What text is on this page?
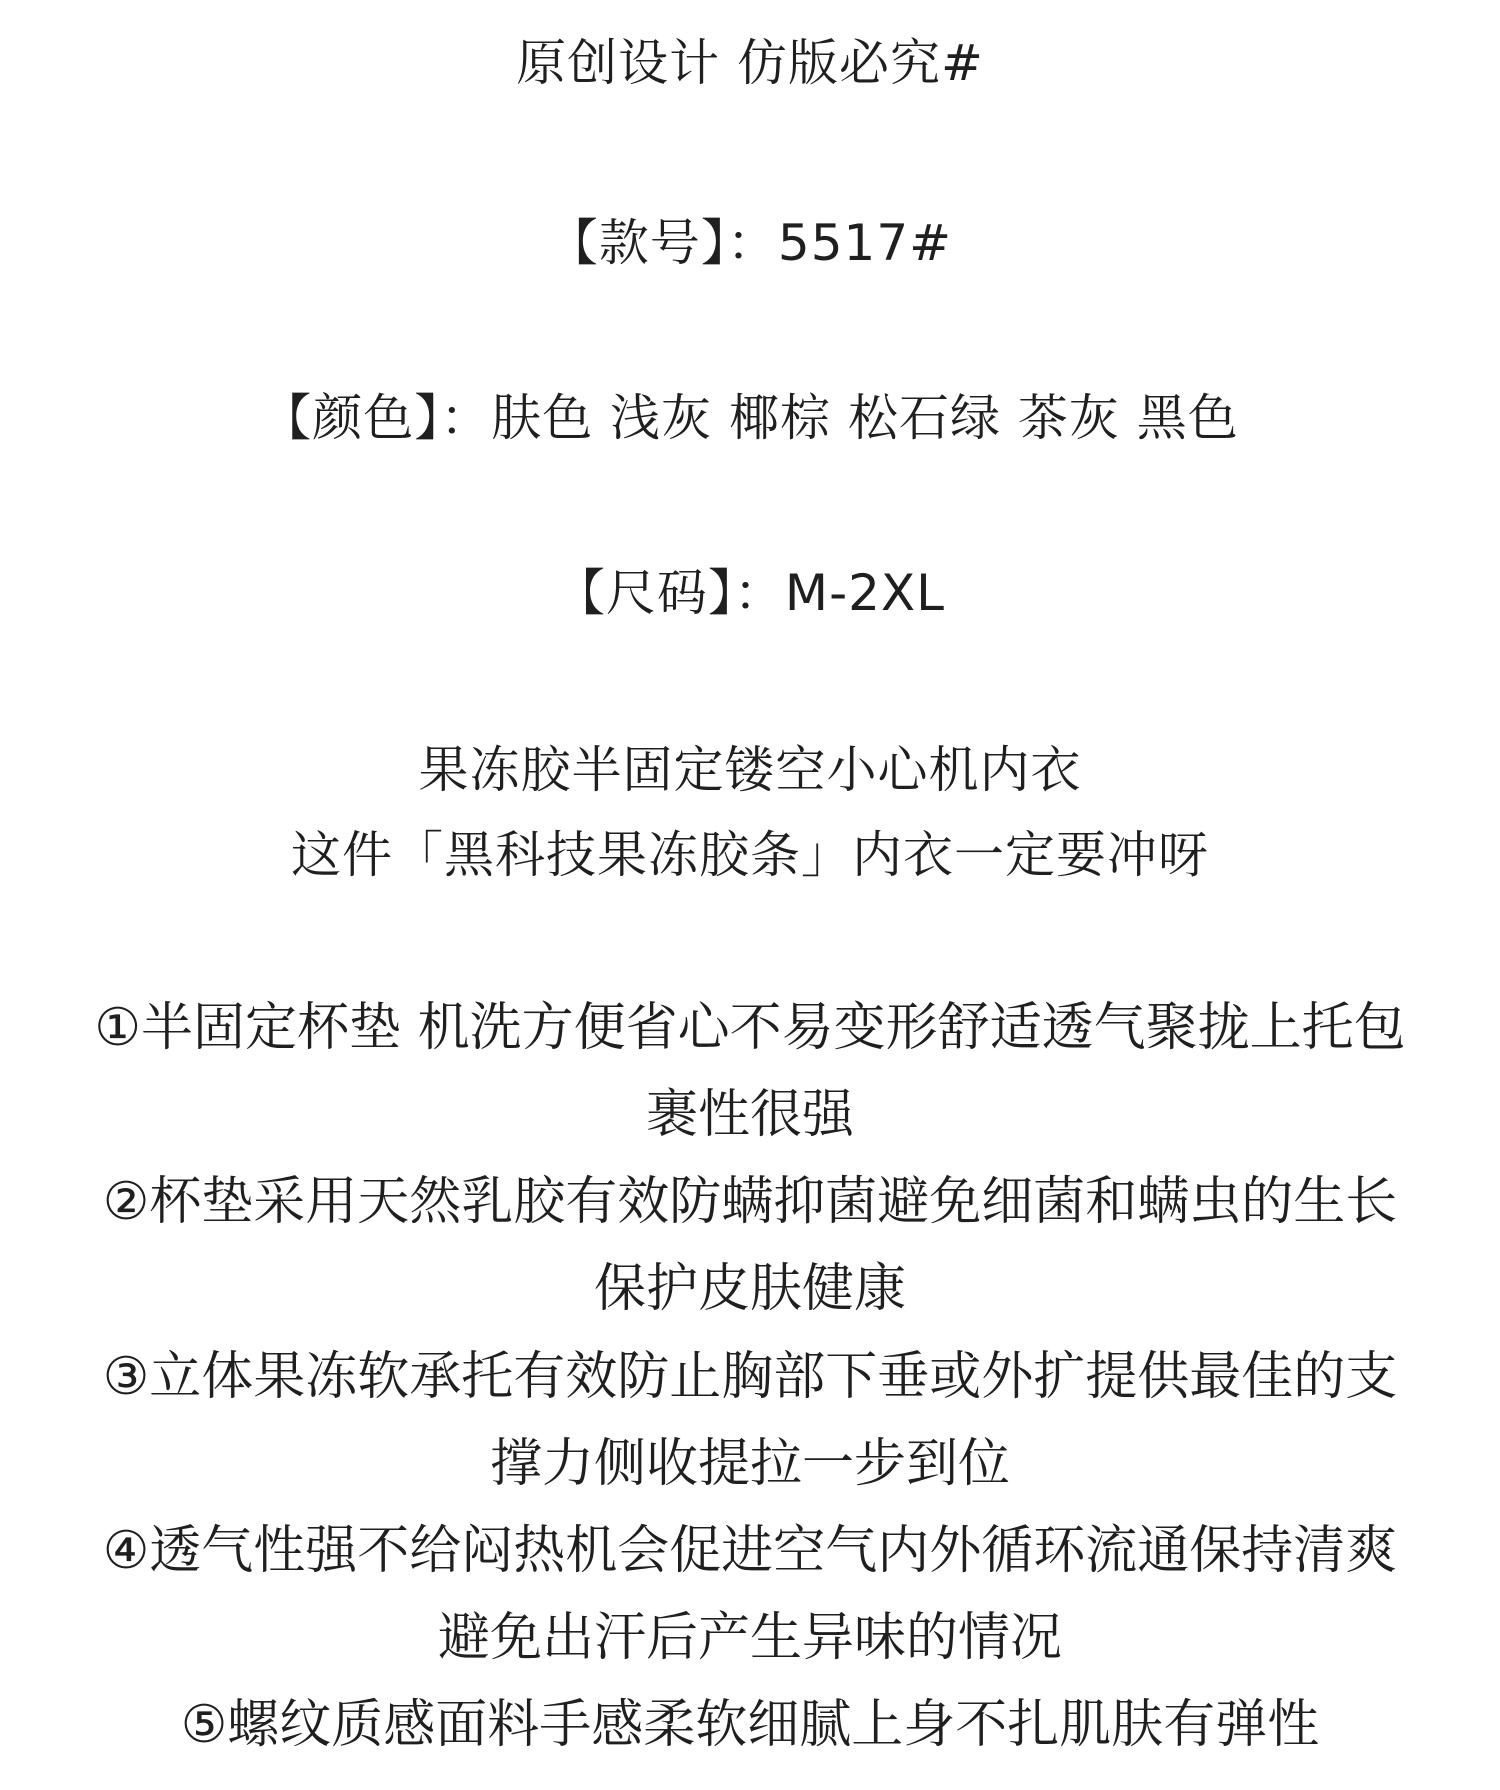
原创设计 仿版必究#
【款号】：5517#
【颜色】：肤色 浅灰 椰棕 松石绿 茶灰 黑色
【尺码】：M-2XL
果冻胶半固定镂空小心机内衣
这件「黑科技果冻胶条」内衣一定要冲呀
①半固定杯垫 机洗方便省心不易变形舒适透气聚拢上托包
裹性很强
②杯垫采用天然乳胶有效防螨抑菌避免细菌和螨虫的生长
保护皮肤健康
③立体果冻软承托有效防止胸部下垂或外扩提供最佳的支
撑力侧收提拉一步到位
④透气性强不给闷热机会促进空气内外循环流通保持清爽
避免出汗后产生异味的情况
⑤螺纹质感面料手感柔软细腻上身不扎肌肤有弹性
